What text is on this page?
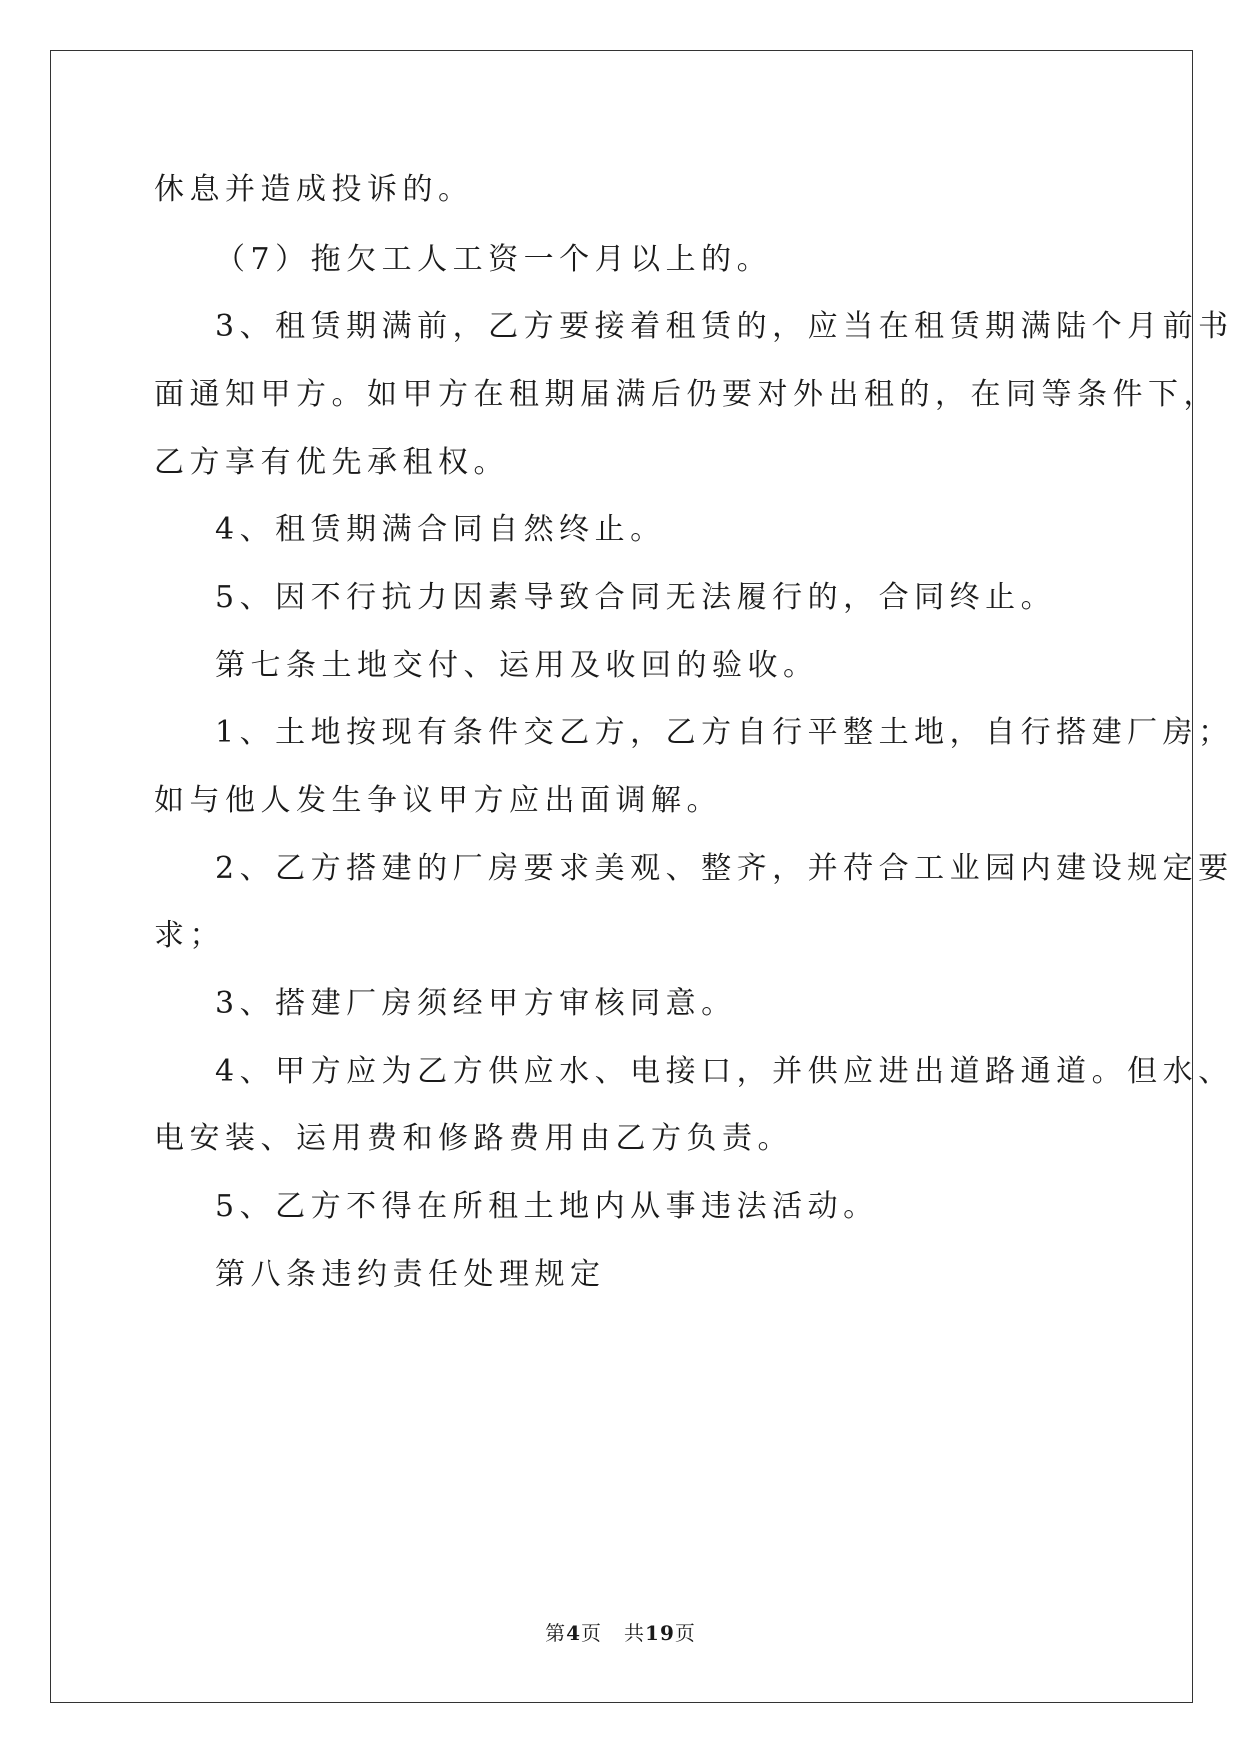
休息并造成投诉的。
（7）拖欠工人工资一个月以上的。
3、租赁期满前，乙方要接着租赁的，应当在租赁期满陆个月前书
面通知甲方。如甲方在租期届满后仍要对外出租的，在同等条件下，
乙方享有优先承租权。
4、租赁期满合同自然终止。
5、因不行抗力因素导致合同无法履行的，合同终止。
第七条土地交付、运用及收回的验收。
1、土地按现有条件交乙方，乙方自行平整土地，自行搭建厂房；
如与他人发生争议甲方应出面调解。
2、乙方搭建的厂房要求美观、整齐，并苻合工业园内建设规定要
求；
3、搭建厂房须经甲方审核同意。
4、甲方应为乙方供应水、电接口，并供应进出道路通道。但水、
电安装、运用费和修路费用由乙方负责。
5、乙方不得在所租土地内从事违法活动。
第八条违约责任处理规定
第4页 共19页
